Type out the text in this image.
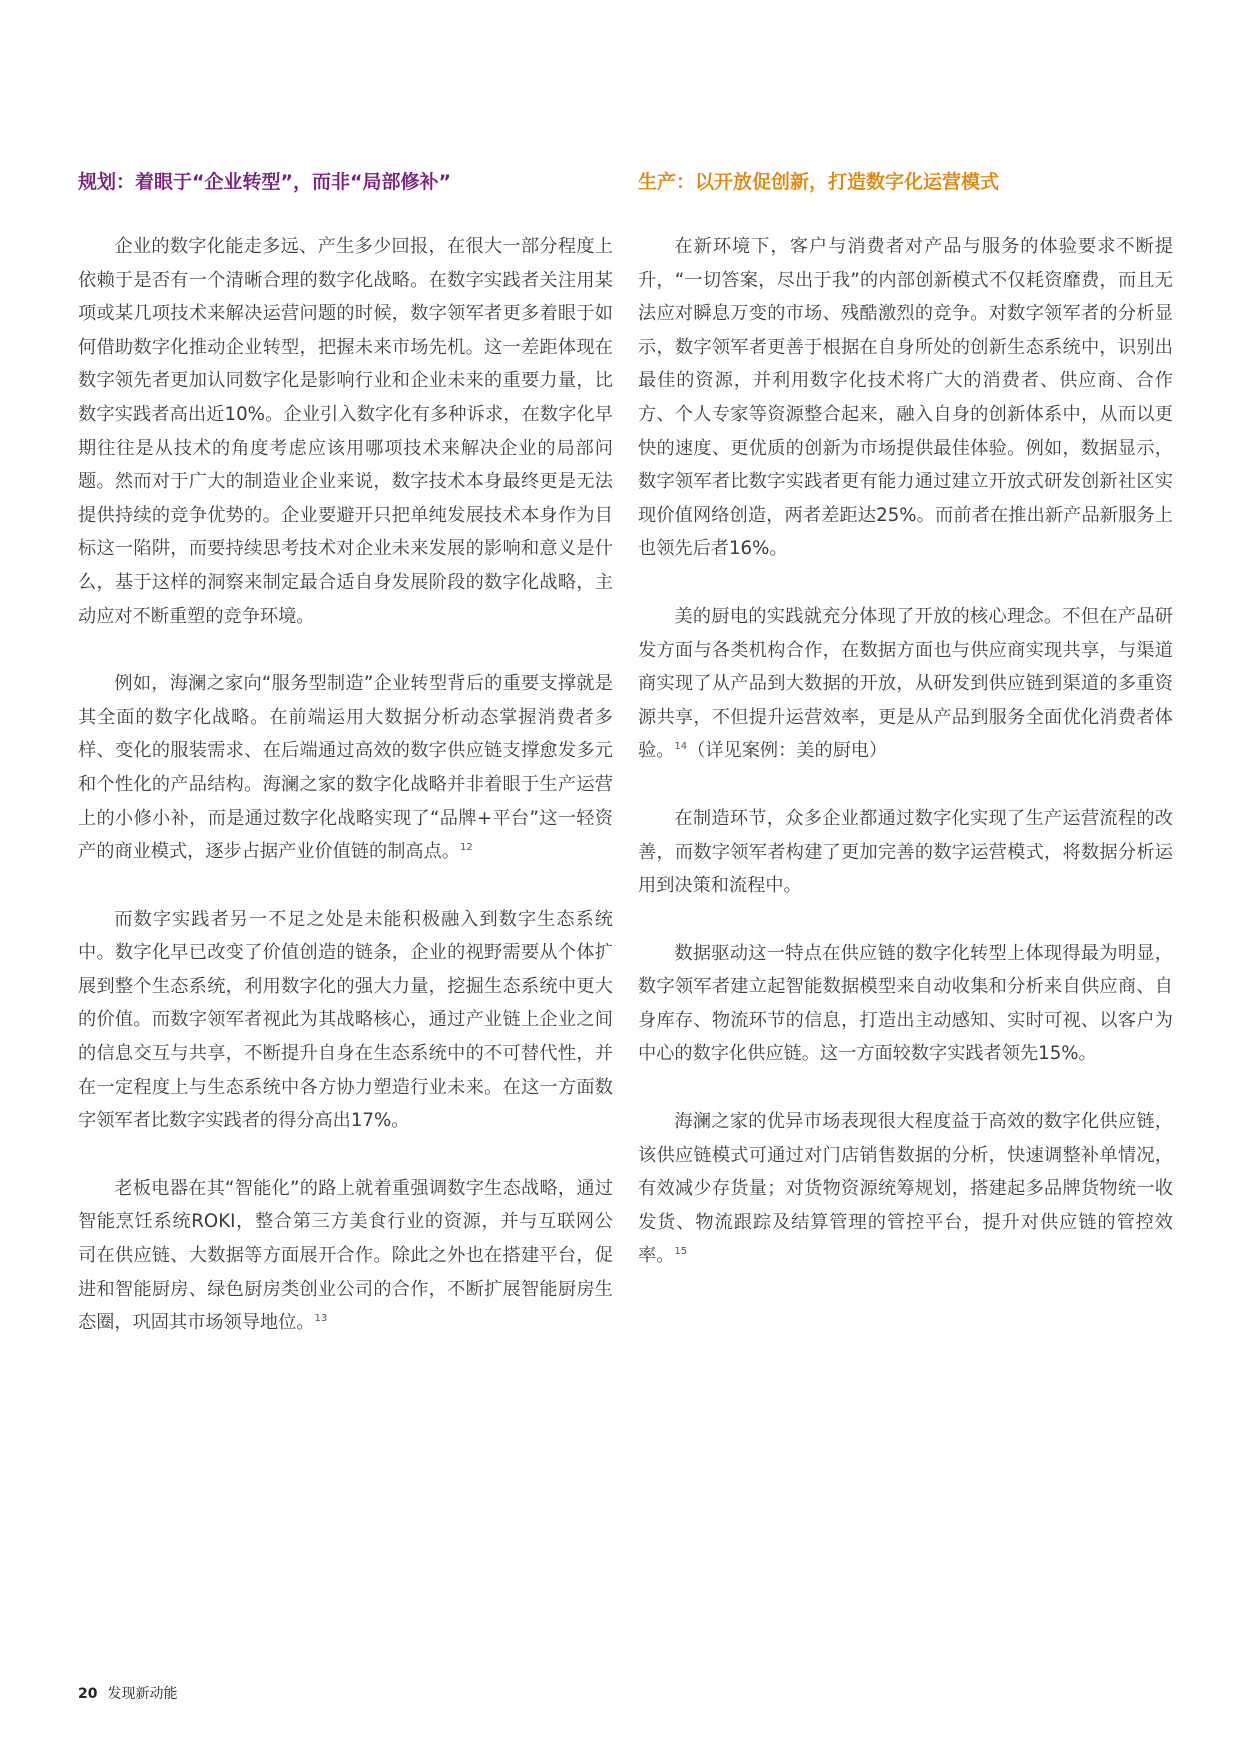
规划：着眼于“企业转型”，而非“局部修补”

企业的数字化能走多远、产生多少回报，在很大一部分程度上依赖于是否有一个清晰合理的数字化战略。在数字实践者关注用某项或某几项技术来解决运营问题的时候，数字领军者更多着眼于如何借助数字化推动企业转型，把握未来市场先机。这一差距体现在数字领先者更加认同数字化是影响行业和企业未来的重要力量，比数字实践者高出近10%。企业引入数字化有多种诉求，在数字化早期往往是从技术的角度考虑应该用哪项技术来解决企业的局部问题。然而对于广大的制造业企业来说，数字技术本身最终更是无法提供持续的竞争优势的。企业要避开只把单纯发展技术本身作为目标这一陷阱，而要持续思考技术对企业未来发展的影响和意义是什么，基于这样的洞察来制定最合适自身发展阶段的数字化战略，主动应对不断重塑的竞争环境。

例如，海澜之家向“服务型制造”企业转型背后的重要支撑就是其全面的数字化战略。在前端运用大数据分析动态掌握消费者多样、变化的服装需求、在后端通过高效的数字供应链支撑愈发多元和个性化的产品结构。海澜之家的数字化战略并非着眼于生产运营上的小修小补，而是通过数字化战略实现了“品牌+平台”这一轻资产的商业模式，逐步占据产业价值链的制高点。$^{12}$

而数字实践者另一不足之处是未能积极融入到数字生态系统中。数字化早已改变了价值创造的链条，企业的视野需要从个体扩展到整个生态系统，利用数字化的强大力量，挖掘生态系统中更大的价值。而数字领军者视此为其战略核心，通过产业链上企业之间的信息交互与共享，不断提升自身在生态系统中的不可替代性，并在一定程度上与生态系统中各方协力塑造行业未来。在这一方面数字领军者比数字实践者的得分高出17%。

老板电器在其“智能化”的路上就着重强调数字生态战略，通过智能烹饪系统ROKI，整合第三方美食行业的资源，并与互联网公司在供应链、大数据等方面展开合作。除此之外也在搭建平台，促进和智能厨房、绿色厨房类创业公司的合作，不断扩展智能厨房生态圈，巩固其市场领导地位。$^{13}$

生产：以开放促创新，打造数字化运营模式

在新环境下，客户与消费者对产品与服务的体验要求不断提升，“一切答案，尽出于我”的内部创新模式不仅耗资靡费，而且无法应对瞬息万变的市场、残酷激烈的竞争。对数字领军者的分析显示，数字领军者更善于根据在自身所处的创新生态系统中，识别出最佳的资源，并利用数字化技术将广大的消费者、供应商、合作方、个人专家等资源整合起来，融入自身的创新体系中，从而以更快的速度、更优质的创新为市场提供最佳体验。例如，数据显示，数字领军者比数字实践者更有能力通过建立开放式研发创新社区实现价值网络创造，两者差距达25%。而前者在推出新产品新服务上也领先后者16%。

美的厨电的实践就充分体现了开放的核心理念。不但在产品研发方面与各类机构合作，在数据方面也与供应商实现共享，与渠道商实现了从产品到大数据的开放，从研发到供应链到渠道的多重资源共享，不但提升运营效率，更是从产品到服务全面优化消费者体验。$^{14}$（详见案例：美的厨电）

在制造环节，众多企业都通过数字化实现了生产运营流程的改善，而数字领军者构建了更加完善的数字运营模式，将数据分析运用到决策和流程中。

数据驱动这一特点在供应链的数字化转型上体现得最为明显，数字领军者建立起智能数据模型来自动收集和分析来自供应商、自身库存、物流环节的信息，打造出主动感知、实时可视、以客户为中心的数字化供应链。这一方面较数字实践者领先15%。

海澜之家的优异市场表现很大程度益于高效的数字化供应链，该供应链模式可通过对门店销售数据的分析，快速调整补单情况，有效减少存货量；对货物资源统筹规划，搭建起多品牌货物统一收发货、物流跟踪及结算管理的管控平台，提升对供应链的管控效率。$^{15}$

20 发现新动能
